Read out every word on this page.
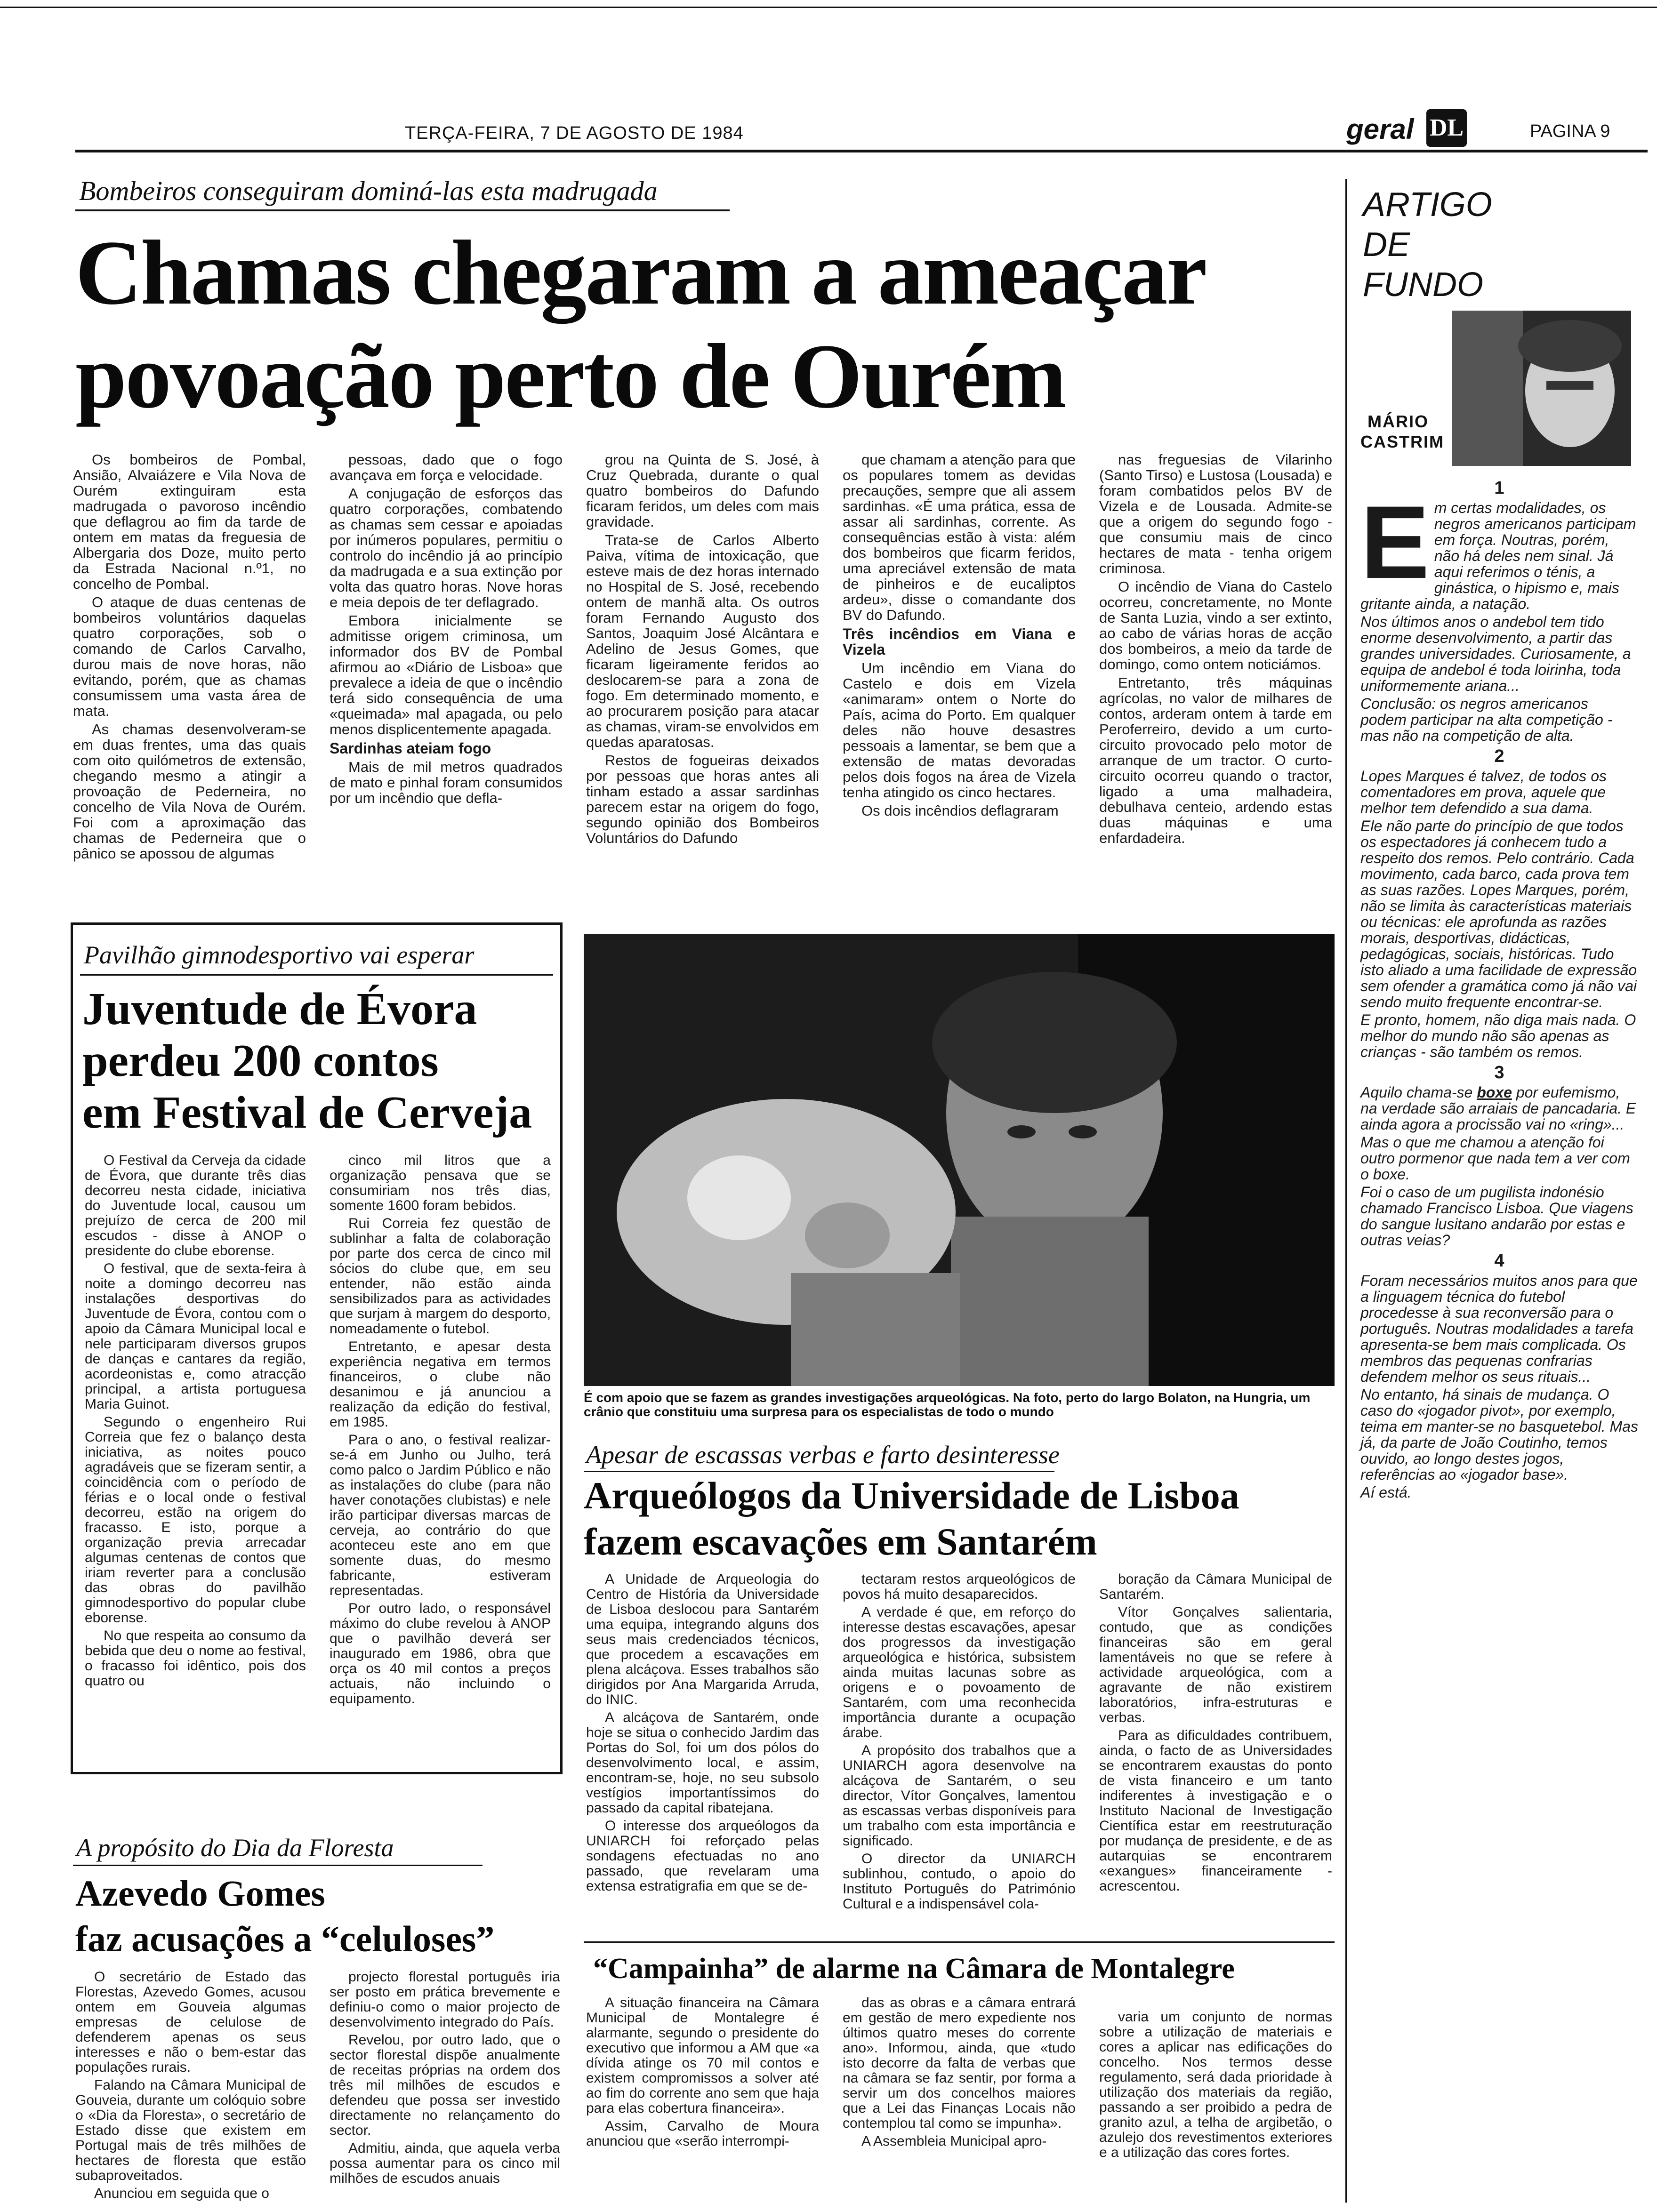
TERÇA-FEIRA, 7 DE AGOSTO DE 1984	geral DL	PAGINA 9
Bombeiros conseguiram dominá-las esta madrugada
Chamas chegaram a ameaçar
povoação perto de Ourém

Os bombeiros de Pombal, Ansião, Alvaiázere e Vila Nova de Ourém extinguiram esta madrugada o pavoroso incêndio que deflagrou ao fim da tarde de ontem em matas da freguesia de Albergaria dos Doze, muito perto da Estrada Nacional n.º1, no concelho de Pombal.

O ataque de duas centenas de bombeiros voluntários daquelas quatro corporações, sob o comando de Carlos Carvalho, durou mais de nove horas, não evitando, porém, que as chamas consumissem uma vasta área de mata.

As chamas desenvolveram-se em duas frentes, uma das quais com oito quilómetros de extensão, chegando mesmo a atingir a provoação de Pederneira, no concelho de Vila Nova de Ourém. Foi com a aproximação das chamas de Pederneira que o pânico se apossou de algumas

pessoas, dado que o fogo avançava em força e velocidade.

A conjugação de esforços das quatro corporações, combatendo as chamas sem cessar e apoiadas por inúmeros populares, permitiu o controlo do incêndio já ao princípio da madrugada e a sua extinção por volta das quatro horas. Nove horas e meia depois de ter deflagrado.

Embora inicialmente se admitisse origem criminosa, um informador dos BV de Pombal afirmou ao «Diário de Lisboa» que prevalece a ideia de que o incêndio terá sido consequência de uma «queimada» mal apagada, ou pelo menos displicentemente apagada.

Sardinhas ateiam fogo

Mais de mil metros quadrados de mato e pinhal foram consumidos por um incêndio que defla-

grou na Quinta de S. José, à Cruz Quebrada, durante o qual quatro bombeiros do Dafundo ficaram feridos, um deles com mais gravidade.

Trata-se de Carlos Alberto Paiva, vítima de intoxicação, que esteve mais de dez horas internado no Hospital de S. José, recebendo ontem de manhã alta. Os outros foram Fernando Augusto dos Santos, Joaquim José Alcântara e Adelino de Jesus Gomes, que ficaram ligeiramente feridos ao deslocarem-se para a zona de fogo. Em determinado momento, e ao procurarem posição para atacar as chamas, viram-se envolvidos em quedas aparatosas.

Restos de fogueiras deixados por pessoas que horas antes ali tinham estado a assar sardinhas parecem estar na origem do fogo, segundo opinião dos Bombeiros Voluntários do Dafundo

que chamam a atenção para que os populares tomem as devidas precauções, sempre que ali assem sardinhas. «É uma prática, essa de assar ali sardinhas, corrente. As consequências estão à vista: além dos bombeiros que ficarm feridos, uma apreciável extensão de mata de pinheiros e de eucaliptos ardeu», disse o comandante dos BV do Dafundo.

Três incêndios em Viana e Vizela

Um incêndio em Viana do Castelo e dois em Vizela «animaram» ontem o Norte do País, acima do Porto. Em qualquer deles não houve desastres pessoais a lamentar, se bem que a extensão de matas devoradas pelos dois fogos na área de Vizela tenha atingido os cinco hectares.

Os dois incêndios deflagraram

nas freguesias de Vilarinho (Santo Tirso) e Lustosa (Lousada) e foram combatidos pelos BV de Vizela e de Lousada. Admite-se que a origem do segundo fogo - que consumiu mais de cinco hectares de mata - tenha origem criminosa.

O incêndio de Viana do Castelo ocorreu, concretamente, no Monte de Santa Luzia, vindo a ser extinto, ao cabo de várias horas de acção dos bombeiros, a meio da tarde de domingo, como ontem noticiámos.

Entretanto, três máquinas agrícolas, no valor de milhares de contos, arderam ontem à tarde em Peroferreiro, devido a um curto-circuito provocado pelo motor de arranque de um tractor. O curto-circuito ocorreu quando o tractor, ligado a uma malhadeira, debulhava centeio, ardendo estas duas máquinas e uma enfardadeira.

Pavilhão gimnodesportivo vai esperar
Juventude de Évora
perdeu 200 contos
em Festival de Cerveja

O Festival da Cerveja da cidade de Évora, que durante três dias decorreu nesta cidade, iniciativa do Juventude local, causou um prejuízo de cerca de 200 mil escudos - disse à ANOP o presidente do clube eborense.

O festival, que de sexta-feira à noite a domingo decorreu nas instalações desportivas do Juventude de Évora, contou com o apoio da Câmara Municipal local e nele participaram diversos grupos de danças e cantares da região, acordeonistas e, como atracção principal, a artista portuguesa Maria Guinot.

Segundo o engenheiro Rui Correia que fez o balanço desta iniciativa, as noites pouco agradáveis que se fizeram sentir, a coincidência com o período de férias e o local onde o festival decorreu, estão na origem do fracasso. E isto, porque a organização previa arrecadar algumas centenas de contos que iriam reverter para a conclusão das obras do pavilhão gimnodesportivo do popular clube eborense.

No que respeita ao consumo da bebida que deu o nome ao festival, o fracasso foi idêntico, pois dos quatro ou

cinco mil litros que a organização pensava que se consumiriam nos três dias, somente 1600 foram bebidos.

Rui Correia fez questão de sublinhar a falta de colaboração por parte dos cerca de cinco mil sócios do clube que, em seu entender, não estão ainda sensibilizados para as actividades que surjam à margem do desporto, nomeadamente o futebol.

Entretanto, e apesar desta experiência negativa em termos financeiros, o clube não desanimou e já anunciou a realização da edição do festival, em 1985.

Para o ano, o festival realizar-se-á em Junho ou Julho, terá como palco o Jardim Público e não as instalações do clube (para não haver conotações clubistas) e nele irão participar diversas marcas de cerveja, ao contrário do que aconteceu este ano em que somente duas, do mesmo fabricante, estiveram representadas.

Por outro lado, o responsável máximo do clube revelou à ANOP que o pavilhão deverá ser inaugurado em 1986, obra que orça os 40 mil contos a preços actuais, não incluindo o equipamento.

É com apoio que se fazem as grandes investigações arqueológicas. Na foto, perto do largo Bolaton, na Hungria, um crânio que constituiu uma surpresa para os especialistas de todo o mundo
Apesar de escassas verbas e farto desinteresse
Arqueólogos da Universidade de Lisboa
fazem escavações em Santarém

A Unidade de Arqueologia do Centro de História da Universidade de Lisboa deslocou para Santarém uma equipa, integrando alguns dos seus mais credenciados técnicos, que procedem a escavações em plena alcáçova. Esses trabalhos são dirigidos por Ana Margarida Arruda, do INIC.

A alcáçova de Santarém, onde hoje se situa o conhecido Jardim das Portas do Sol, foi um dos pólos do desenvolvimento local, e assim, encontram-se, hoje, no seu subsolo vestígios importantíssimos do passado da capital ribatejana.

O interesse dos arqueólogos da UNIARCH foi reforçado pelas sondagens efectuadas no ano passado, que revelaram uma extensa estratigrafia em que se de-

tectaram restos arqueológicos de povos há muito desaparecidos.

A verdade é que, em reforço do interesse destas escavações, apesar dos progressos da investigação arqueológica e histórica, subsistem ainda muitas lacunas sobre as origens e o povoamento de Santarém, com uma reconhecida importância durante a ocupação árabe.

A propósito dos trabalhos que a UNIARCH agora desenvolve na alcáçova de Santarém, o seu director, Vítor Gonçalves, lamentou as escassas verbas disponíveis para um trabalho com esta importância e significado.

O director da UNIARCH sublinhou, contudo, o apoio do Instituto Português do Património Cultural e a indispensável cola-

boração da Câmara Municipal de Santarém.

Vítor Gonçalves salientaria, contudo, que as condições financeiras são em geral lamentáveis no que se refere à actividade arqueológica, com a agravante de não existirem laboratórios, infra-estruturas e verbas.

Para as dificuldades contribuem, ainda, o facto de as Universidades se encontrarem exaustas do ponto de vista financeiro e um tanto indiferentes à investigação e o Instituto Nacional de Investigação Científica estar em reestruturação por mudança de presidente, e de as autarquias se encontrarem «exangues» financeiramente - acrescentou.

A propósito do Dia da Floresta
Azevedo Gomes
faz acusações a “celuloses”

O secretário de Estado das Florestas, Azevedo Gomes, acusou ontem em Gouveia algumas empresas de celulose de defenderem apenas os seus interesses e não o bem-estar das populações rurais.

Falando na Câmara Municipal de Gouveia, durante um colóquio sobre o «Dia da Floresta», o secretário de Estado disse que existem em Portugal mais de três milhões de hectares de floresta que estão subaproveitados.

Anunciou em seguida que o

projecto florestal português iria ser posto em prática brevemente e definiu-o como o maior projecto de desenvolvimento integrado do País.

Revelou, por outro lado, que o sector florestal dispõe anualmente de receitas próprias na ordem dos três mil milhões de escudos e defendeu que possa ser investido directamente no relançamento do sector.

Admitiu, ainda, que aquela verba possa aumentar para os cinco mil milhões de escudos anuais

“Campainha” de alarme na Câmara de Montalegre

A situação financeira na Câmara Municipal de Montalegre é alarmante, segundo o presidente do executivo que informou a AM que «a dívida atinge os 70 mil contos e existem compromissos a solver até ao fim do corrente ano sem que haja para elas cobertura financeira».

Assim, Carvalho de Moura anunciou que «serão interrompi-

das as obras e a câmara entrará em gestão de mero expediente nos últimos quatro meses do corrente ano». Informou, ainda, que «tudo isto decorre da falta de verbas que na câmara se faz sentir, por forma a servir um dos concelhos maiores que a Lei das Finanças Locais não contemplou tal como se impunha».

A Assembleia Municipal apro-

varia um conjunto de normas sobre a utilização de materiais e cores a aplicar nas edificações do concelho. Nos termos desse regulamento, será dada prioridade à utilização dos materiais da região, passando a ser proibido a pedra de granito azul, a telha de argibetão, o azulejo dos revestimentos exteriores e a utilização das cores fortes.

ARTIGO
DE
FUNDO
MÁRIO
CASTRIM
1

E m certas modalidades, os negros americanos participam em força. Noutras, porém, não há deles nem sinal. Já aqui referimos o ténis, a ginástica, o hipismo e, mais gritante ainda, a natação.

Nos últimos anos o andebol tem tido enorme desenvolvimento, a partir das grandes universidades. Curiosamente, a equipa de andebol é toda loirinha, toda uniformemente ariana...

Conclusão: os negros americanos podem participar na alta competição - mas não na competição de alta.

2

Lopes Marques é talvez, de todos os comentadores em prova, aquele que melhor tem defendido a sua dama.

Ele não parte do princípio de que todos os espectadores já conhecem tudo a respeito dos remos. Pelo contrário. Cada movimento, cada barco, cada prova tem as suas razões. Lopes Marques, porém, não se limita às características materiais ou técnicas: ele aprofunda as razões morais, desportivas, didácticas, pedagógicas, sociais, históricas. Tudo isto aliado a uma facilidade de expressão sem ofender a gramática como já não vai sendo muito frequente encontrar-se.

E pronto, homem, não diga mais nada. O melhor do mundo não são apenas as crianças - são também os remos.

3

Aquilo chama-se boxe por eufemismo, na verdade são arraiais de pancadaria. E ainda agora a procissão vai no «ring»...

Mas o que me chamou a atenção foi outro pormenor que nada tem a ver com o boxe.

Foi o caso de um pugilista indonésio chamado Francisco Lisboa. Que viagens do sangue lusitano andarão por estas e outras veias?

4

Foram necessários muitos anos para que a linguagem técnica do futebol procedesse à sua reconversão para o português. Noutras modalidades a tarefa apresenta-se bem mais complicada. Os membros das pequenas confrarias defendem melhor os seus rituais...

No entanto, há sinais de mudança. O caso do «jogador pivot», por exemplo, teima em manter-se no basquetebol. Mas já, da parte de João Coutinho, temos ouvido, ao longo destes jogos, referências ao «jogador base».

Aí está.
